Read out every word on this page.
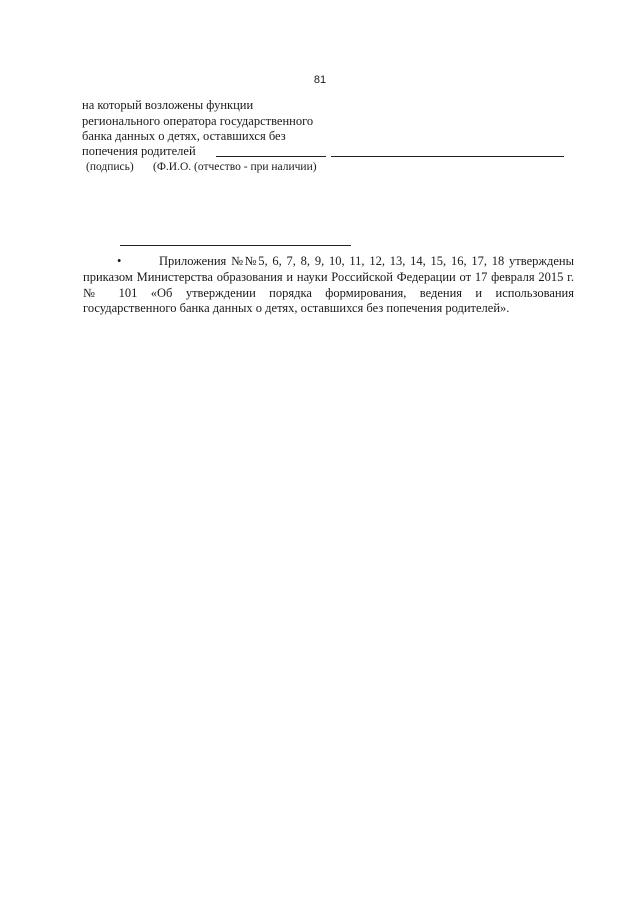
81
на который возложены функции
регионального оператора государственного
банка данных о детях, оставшихся без
попечения родителей
(подпись) (Ф.И.О. (отчество - при наличии)
•	Приложения №№5, 6, 7, 8, 9, 10, 11, 12, 13, 14, 15, 16, 17, 18 утверждены приказом Министерства образования и науки Российской Федерации от 17 февраля 2015 г. № 101 «Об утверждении порядка формирования, ведения и использования государственного банка данных о детях, оставшихся без попечения родителей».
